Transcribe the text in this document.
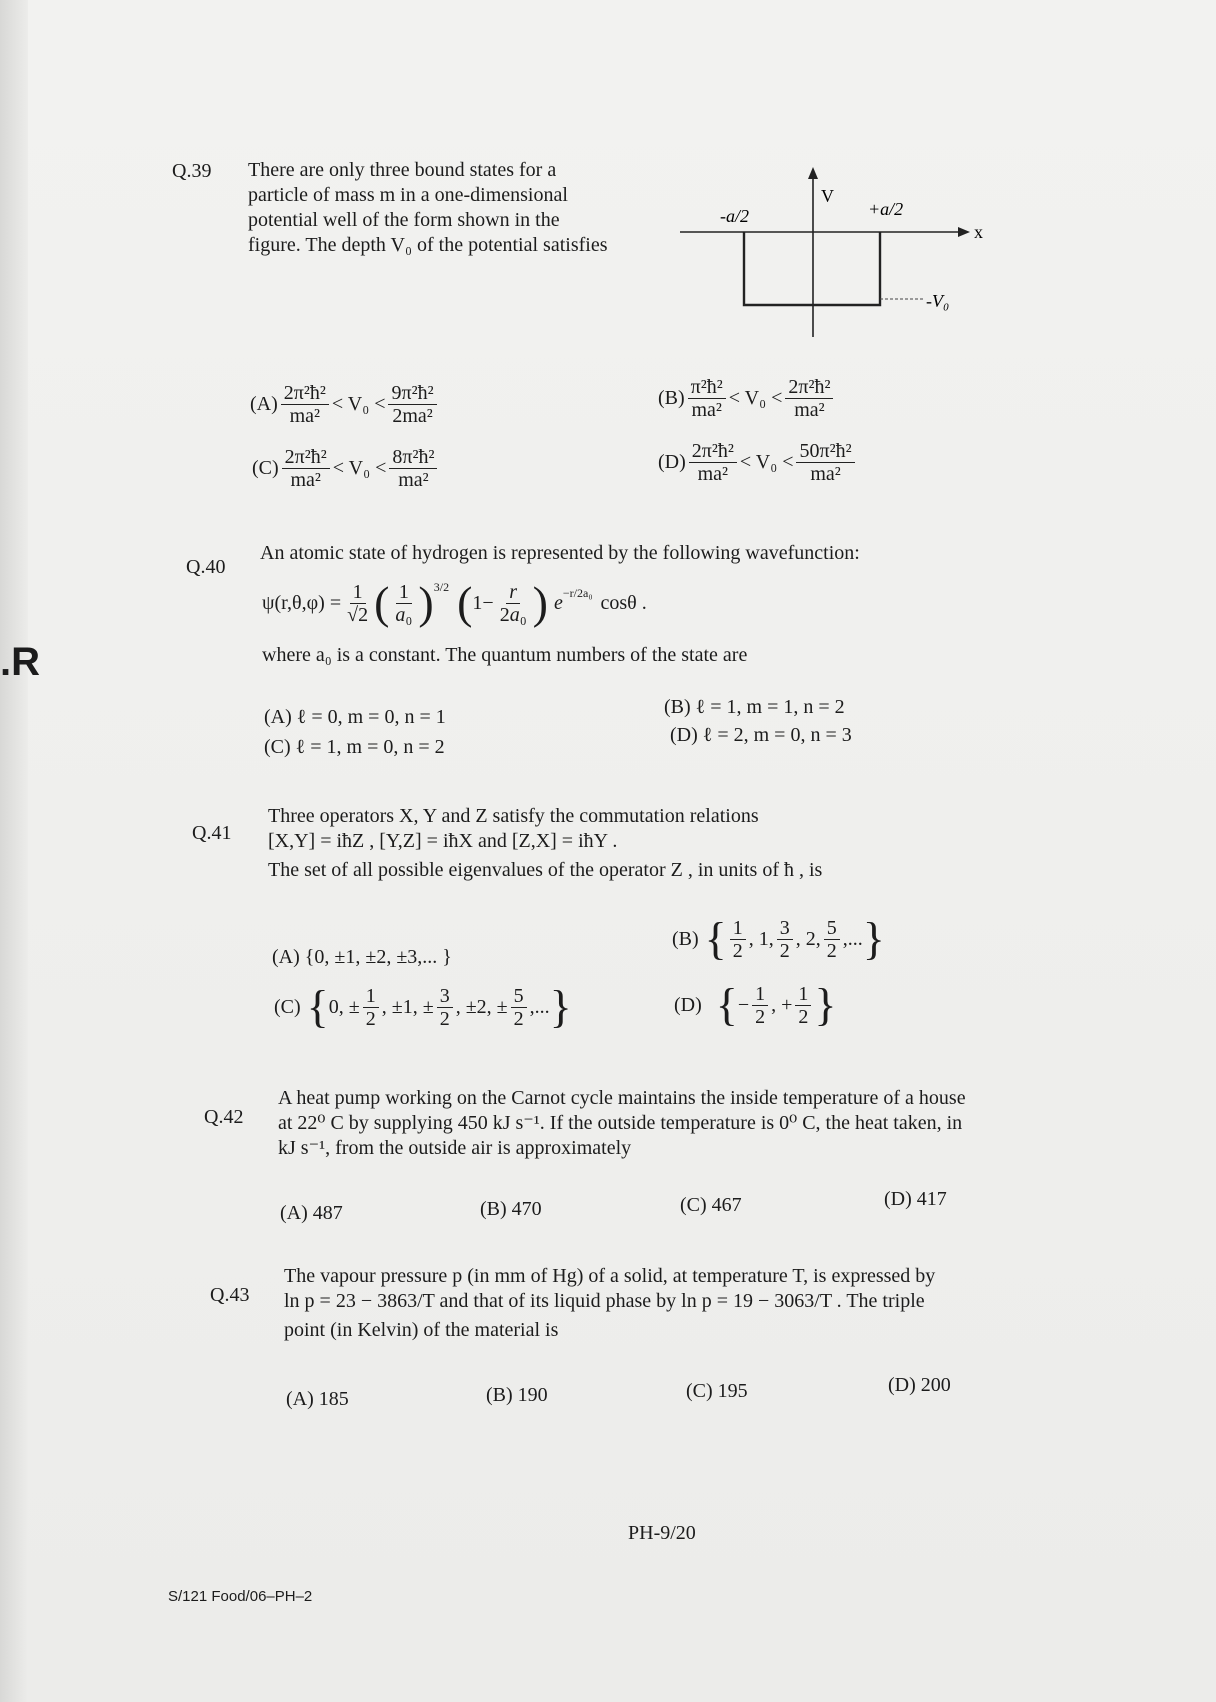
.R
Q.39 There are only three bound states for a
particle of mass m in a one-dimensional
potential well of the form shown in the
figure. The depth V₀ of the potential satisfies
V
-a/2	+a/2
x
-V₀
$(A) \frac{\text{2π²ħ²}}{\text{ma²}} < V_0 < \frac{\text{9π²ħ²}}{\text{2ma²}}$	$(B) \frac{\text{π²ħ²}}{\text{ma²}} < V_0 < \frac{\text{2π²ħ²}}{\text{ma²}}$
$(C) \frac{\text{2π²ħ²}}{\text{ma²}} < V_0 < \frac{\text{8π²ħ²}}{\text{ma²}}$	$(D) \frac{\text{2π²ħ²}}{\text{ma²}} < V_0 < \frac{\text{50π²ħ²}}{\text{ma²}}$
Q.40
An atomic state of hydrogen is represented by the following wavefunction:
$\psi(r,\theta,\varphi) = \frac{1}{√2}$ ( $\frac{1}{\text{a₀}}$ ) 3/2 ( $1- \frac{r}{\text{2a₀}}$ ) e −r/2a₀ cosθ .
where a₀ is a constant. The quantum numbers of the state are
(A) ℓ = 0, m = 0, n = 1	(B) ℓ = 1, m = 1, n = 2
(C) ℓ = 1, m = 0, n = 2
(D) ℓ = 2, m = 0, n = 3
Q.41
Three operators X, Y and Z satisfy the commutation relations
[X,Y] = iħZ , [Y,Z] = iħX and [Z,X] = iħY .
The set of all possible eigenvalues of the operator Z , in units of ħ , is
(A) {0, ±1, ±2, ±3,... }
(B) { $\frac{1}{2}$ , 1, $\frac{3}{2}$ , 2, $\frac{5}{2}$ ,... }
(C) { 0, ± $\frac{1}{2}$ , ±1, ± $\frac{3}{2}$ , ±2, ± $\frac{5}{2}$ ,... }	(D) { − $\frac{1}{2}$ , + $\frac{1}{2}$ }
Q.42
A heat pump working on the Carnot cycle maintains the inside temperature of a house
at 22⁰ C by supplying 450 kJ s⁻¹. If the outside temperature is 0⁰ C, the heat taken, in
kJ s⁻¹, from the outside air is approximately
(A) 487	(B) 470	(C) 467	(D) 417
Q.43
The vapour pressure p (in mm of Hg) of a solid, at temperature T, is expressed by
ln p = 23 − 3863/T and that of its liquid phase by ln p = 19 − 3063/T . The triple
point (in Kelvin) of the material is
(A) 185	(B) 190	(C) 195	(D) 200
PH-9/20
S/121 Food/06–PH–2
